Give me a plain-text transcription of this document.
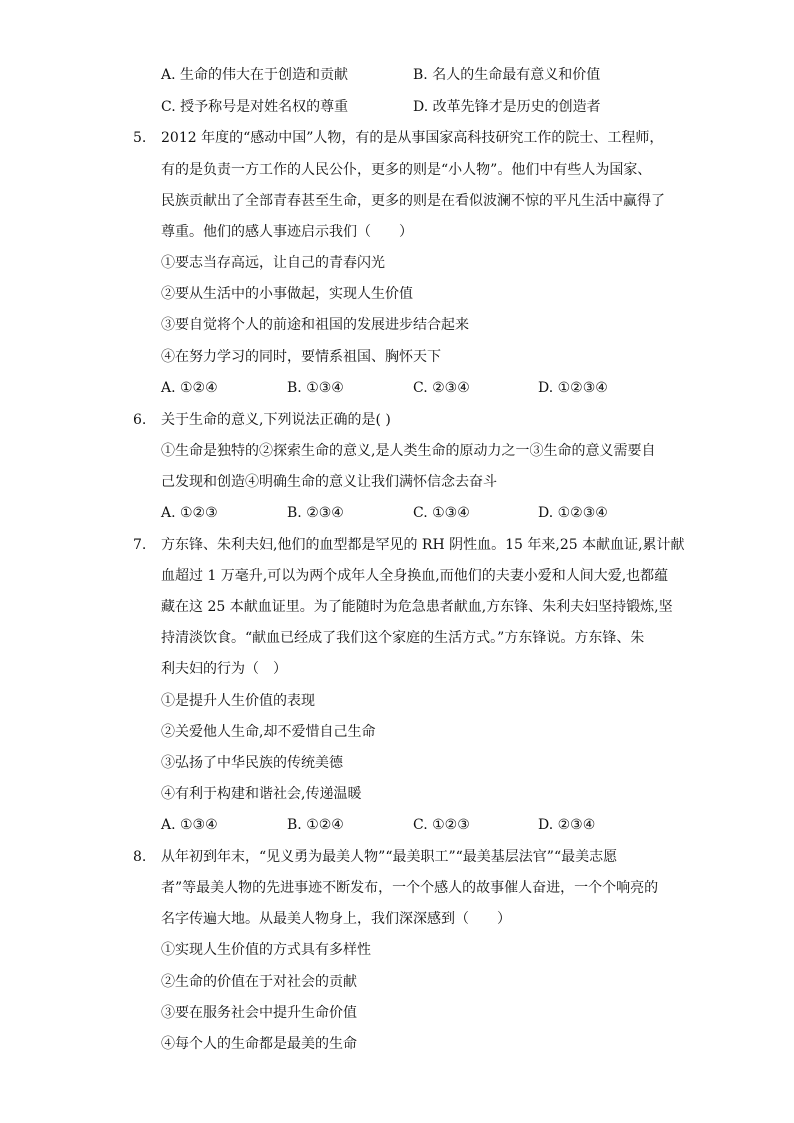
A. 生命的伟大在于创造和贡献	B. 名人的生命最有意义和价值
C. 授予称号是对姓名权的尊重	D. 改革先锋才是历史的创造者
5. 2012 年度的“感动中国”人物，有的是从事国家高科技研究工作的院士、工程师，
有的是负责一方工作的人民公仆，更多的则是“小人物”。他们中有些人为国家、
民族贡献出了全部青春甚至生命，更多的则是在看似波澜不惊的平凡生活中赢得了
尊重。他们的感人事迹启示我们（　　）
①要志当存高远，让自己的青春闪光
②要从生活中的小事做起，实现人生价值
③要自觉将个人的前途和祖国的发展进步结合起来
④在努力学习的同时，要情系祖国、胸怀天下
A. ①②④	B. ①③④	C. ②③④	D. ①②③④
6. 关于生命的意义,下列说法正确的是( )
①生命是独特的②探索生命的意义,是人类生命的原动力之一③生命的意义需要自
己发现和创造④明确生命的意义让我们满怀信念去奋斗
A. ①②③	B. ②③④	C. ①③④	D. ①②③④
7. 方东锋、朱利夫妇,他们的血型都是罕见的 RH 阴性血。15 年来,25 本献血证,累计献
血超过 1 万毫升,可以为两个成年人全身换血,而他们的夫妻小爱和人间大爱,也都蕴
藏在这 25 本献血证里。为了能随时为危急患者献血,方东锋、朱利夫妇坚持锻炼,坚
持清淡饮食。“献血已经成了我们这个家庭的生活方式。”方东锋说。方东锋、朱
利夫妇的行为（　）
①是提升人生价值的表现
②关爱他人生命,却不爱惜自己生命
③弘扬了中华民族的传统美德
④有利于构建和谐社会,传递温暖
A. ①③④	B. ①②④	C. ①②③	D. ②③④
8. 从年初到年末，“见义勇为最美人物”“最美职工”“最美基层法官”“最美志愿
者”等最美人物的先进事迹不断发布，一个个感人的故事催人奋进，一个个响亮的
名字传遍大地。从最美人物身上，我们深深感到（　　）
①实现人生价值的方式具有多样性
②生命的价值在于对社会的贡献
③要在服务社会中提升生命价值
④每个人的生命都是最美的生命
